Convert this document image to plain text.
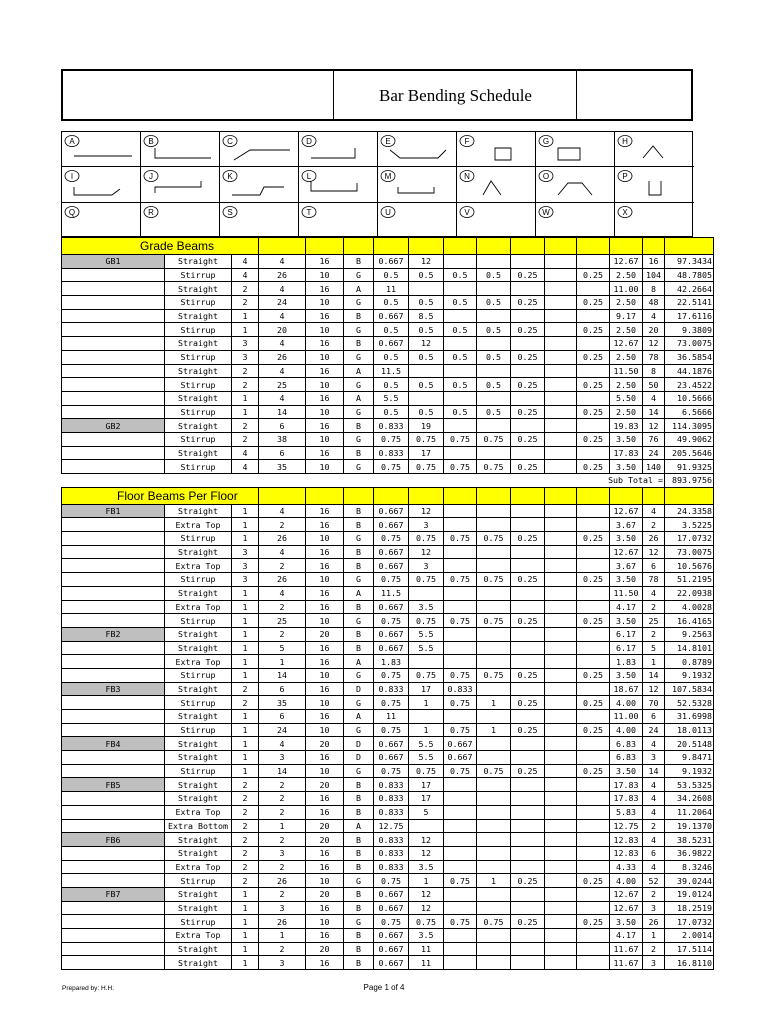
Bar Bending Schedule
A	B	C	D	E	F	G	H
I	J	K	L	M	N	O	P
Q	R	S	T	U	V	W	X
Grade Beams															
GB1	Straight	4	4	16	B	0.667	12						12.67	16	97.3434
	Stirrup	4	26	10	G	0.5	0.5	0.5	0.5	0.25		0.25	2.50	104	48.7805
	Straight	2	4	16	A	11							11.00	8	42.2664
	Stirrup	2	24	10	G	0.5	0.5	0.5	0.5	0.25		0.25	2.50	48	22.5141
	Straight	1	4	16	B	0.667	8.5						9.17	4	17.6116
	Stirrup	1	20	10	G	0.5	0.5	0.5	0.5	0.25		0.25	2.50	20	9.3809
	Straight	3	4	16	B	0.667	12						12.67	12	73.0075
	Stirrup	3	26	10	G	0.5	0.5	0.5	0.5	0.25		0.25	2.50	78	36.5854
	Straight	2	4	16	A	11.5							11.50	8	44.1876
	Stirrup	2	25	10	G	0.5	0.5	0.5	0.5	0.25		0.25	2.50	50	23.4522
	Straight	1	4	16	A	5.5							5.50	4	10.5666
	Stirrup	1	14	10	G	0.5	0.5	0.5	0.5	0.25		0.25	2.50	14	6.5666
GB2	Straight	2	6	16	B	0.833	19						19.83	12	114.3095
	Stirrup	2	38	10	G	0.75	0.75	0.75	0.75	0.25		0.25	3.50	76	49.9062
	Straight	4	6	16	B	0.833	17						17.83	24	205.5646
	Stirrup	4	35	10	G	0.75	0.75	0.75	0.75	0.25		0.25	3.50	140	91.9325
Sub Total =															893.9756
Floor Beams Per Floor															
FB1	Straight	1	4	16	B	0.667	12						12.67	4	24.3358
	Extra Top	1	2	16	B	0.667	3						3.67	2	3.5225
	Stirrup	1	26	10	G	0.75	0.75	0.75	0.75	0.25		0.25	3.50	26	17.0732
	Straight	3	4	16	B	0.667	12						12.67	12	73.0075
	Extra Top	3	2	16	B	0.667	3						3.67	6	10.5676
	Stirrup	3	26	10	G	0.75	0.75	0.75	0.75	0.25		0.25	3.50	78	51.2195
	Straight	1	4	16	A	11.5							11.50	4	22.0938
	Extra Top	1	2	16	B	0.667	3.5						4.17	2	4.0028
	Stirrup	1	25	10	G	0.75	0.75	0.75	0.75	0.25		0.25	3.50	25	16.4165
FB2	Straight	1	2	20	B	0.667	5.5						6.17	2	9.2563
	Straight	1	5	16	B	0.667	5.5						6.17	5	14.8101
	Extra Top	1	1	16	A	1.83							1.83	1	0.8789
	Stirrup	1	14	10	G	0.75	0.75	0.75	0.75	0.25		0.25	3.50	14	9.1932
FB3	Straight	2	6	16	D	0.833	17	0.833					18.67	12	107.5834
	Stirrup	2	35	10	G	0.75	1	0.75	1	0.25		0.25	4.00	70	52.5328
	Straight	1	6	16	A	11							11.00	6	31.6998
	Stirrup	1	24	10	G	0.75	1	0.75	1	0.25		0.25	4.00	24	18.0113
FB4	Straight	1	4	20	D	0.667	5.5	0.667					6.83	4	20.5148
	Straight	1	3	16	D	0.667	5.5	0.667					6.83	3	9.8471
	Stirrup	1	14	10	G	0.75	0.75	0.75	0.75	0.25		0.25	3.50	14	9.1932
FB5	Straight	2	2	20	B	0.833	17						17.83	4	53.5325
	Straight	2	2	16	B	0.833	17						17.83	4	34.2608
	Extra Top	2	2	16	B	0.833	5						5.83	4	11.2064
	Extra Bottom	2	1	20	A	12.75							12.75	2	19.1370
FB6	Straight	2	2	20	B	0.833	12						12.83	4	38.5231
	Straight	2	3	16	B	0.833	12						12.83	6	36.9822
	Extra Top	2	2	16	B	0.833	3.5						4.33	4	8.3246
	Stirrup	2	26	10	G	0.75	1	0.75	1	0.25		0.25	4.00	52	39.0244
FB7	Straight	1	2	20	B	0.667	12						12.67	2	19.0124
	Straight	1	3	16	B	0.667	12						12.67	3	18.2519
	Stirrup	1	26	10	G	0.75	0.75	0.75	0.75	0.25		0.25	3.50	26	17.0732
	Extra Top	1	1	16	B	0.667	3.5						4.17	1	2.0014
	Straight	1	2	20	B	0.667	11						11.67	2	17.5114
	Straight	1	3	16	B	0.667	11						11.67	3	16.8110
Prepared by: H.H.	Page 1 of 4
